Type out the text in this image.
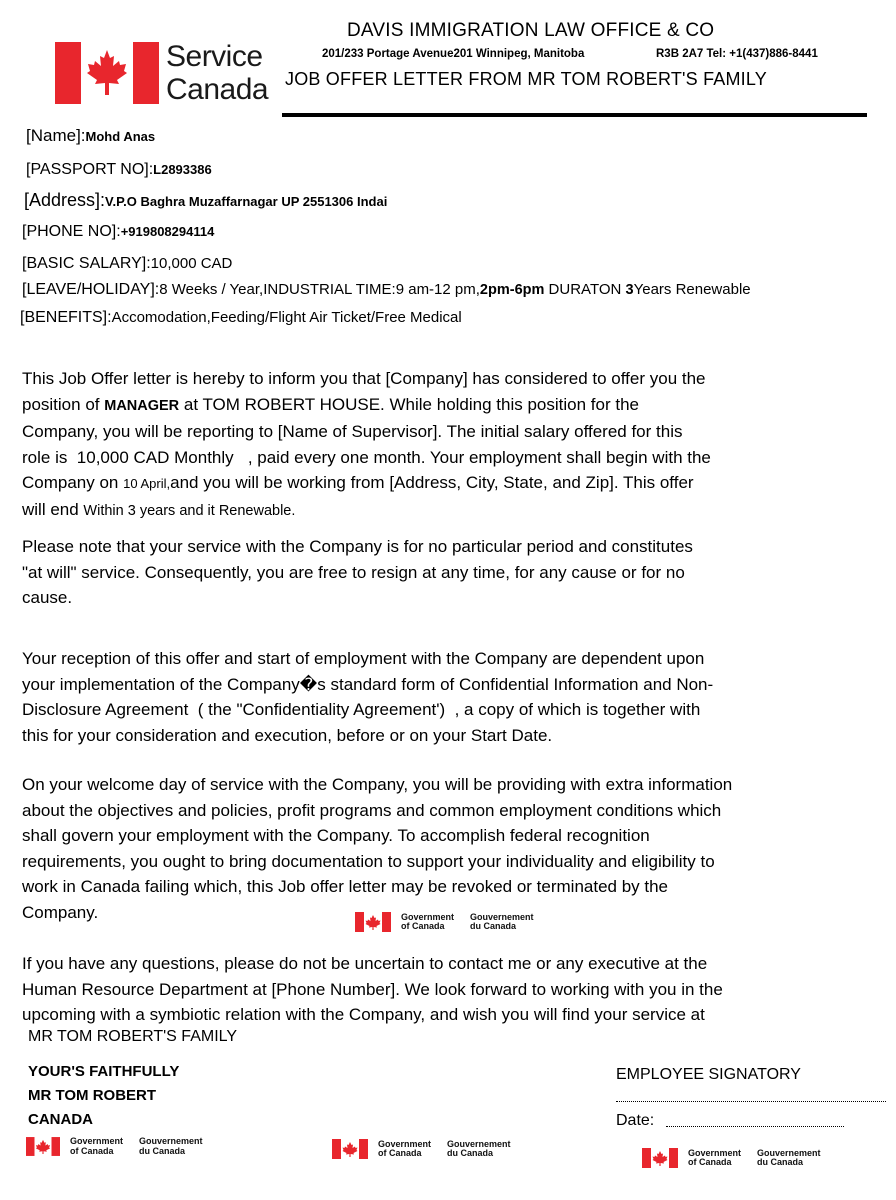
Service
Canada
DAVIS IMMIGRATION LAW OFFICE & CO
201/233 Portage Avenue201 Winnipeg, Manitoba	R3B 2A7 Tel: +1(437)886-8441
JOB OFFER LETTER FROM MR TOM ROBERT'S FAMILY
[Name]:Mohd Anas
[PASSPORT NO]:L2893386
[Address]:V.P.O Baghra Muzaffarnagar UP 2551306 Indai
[PHONE NO]:+919808294114
[BASIC SALARY]:10,000 CAD
[LEAVE/HOLIDAY]:8 Weeks / Year,INDUSTRIAL TIME:9 am-12 pm,2pm-6pm DURATON 3Years Renewable
[BENEFITS]:Accomodation,Feeding/Flight Air Ticket/Free Medical
This Job Offer letter is hereby to inform you that [Company] has considered to offer you the
position of MANAGER at TOM ROBERT HOUSE. While holding this position for the
Company, you will be reporting to [Name of Supervisor]. The initial salary offered for this
role is  10,000 CAD Monthly   , paid every one month. Your employment shall begin with the
Company on 10 April,and you will be working from [Address, City, State, and Zip]. This offer
will end Within 3 years and it Renewable.
Please note that your service with the Company is for no particular period and constitutes
"at will" service. Consequently, you are free to resign at any time, for any cause or for no
cause.
Your reception of this offer and start of employment with the Company are dependent upon
your implementation of the Company�s standard form of Confidential Information and Non-
Disclosure Agreement  ( the "Confidentiality Agreement')  , a copy of which is together with
this for your consideration and execution, before or on your Start Date.
On your welcome day of service with the Company, you will be providing with extra information
about the objectives and policies, profit programs and common employment conditions which
shall govern your employment with the Company. To accomplish federal recognition
requirements, you ought to bring documentation to support your individuality and eligibility to
work in Canada failing which, this Job offer letter may be revoked or terminated by the
Company.	Government
of Canada
Gouvernement
du Canada
If you have any questions, please do not be uncertain to contact me or any executive at the
Human Resource Department at [Phone Number]. We look forward to working with you in the
upcoming with a symbiotic relation with the Company, and wish you will find your service at
MR TOM ROBERT'S FAMILY
YOUR'S FAITHFULLY
MR TOM ROBERT
CANADA
Government
of Canada
Gouvernement
du Canada
Government
of Canada
Gouvernement
du Canada
EMPLOYEE SIGNATORY
Date:
Government
of Canada
Gouvernement
du Canada
